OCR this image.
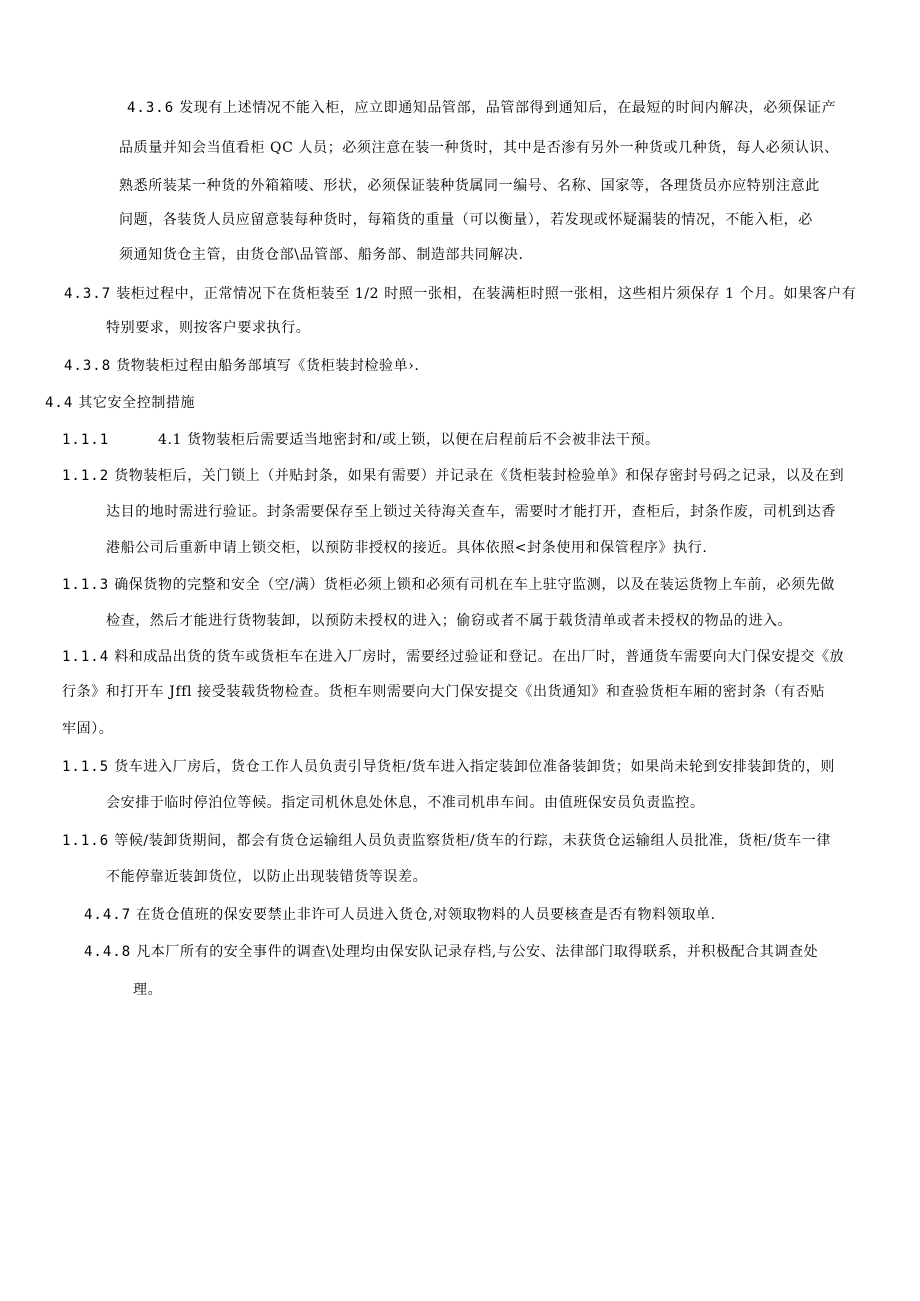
4.3.6 发现有上述情况不能入柜，应立即通知品管部，品管部得到通知后，在最短的时间内解决，必须保证产
品质量并知会当值看柜 QC 人员；必须注意在装一种货时，其中是否渗有另外一种货或几种货，每人必须认识、
熟悉所装某一种货的外箱箱唛、形状，必须保证装种货属同一编号、名称、国家等，各理货员亦应特别注意此
问题，各装货人员应留意装每种货时，每箱货的重量（可以衡量），若发现或怀疑漏装的情况，不能入柜，必
须通知货仓主管，由货仓部\品管部、船务部、制造部共同解决.
4.3.7 装柜过程中，正常情况下在货柜装至 1/2 时照一张相，在装满柜时照一张相，这些相片须保存 1 个月。如果客户有
特别要求，则按客户要求执行。
4.3.8 货物装柜过程由船务部填写《货柜装封检验单›.
4.4 其它安全控制措施
1.1.1	4.1 货物装柜后需要适当地密封和/或上锁，以便在启程前后不会被非法干预。
1.1.2 货物装柜后，关门锁上（并贴封条，如果有需要）并记录在《货柜装封检验单》和保存密封号码之记录，以及在到
达目的地时需进行验证。封条需要保存至上锁过关待海关查车，需要时才能打开，查柜后，封条作废，司机到达香
港船公司后重新申请上锁交柜，以预防非授权的接近。具体依照<封条使用和保管程序》执行.
1.1.3 确保货物的完整和安全（空/满）货柜必须上锁和必须有司机在车上驻守监测，以及在装运货物上车前，必须先做
检查，然后才能进行货物装卸，以预防未授权的进入；偷窃或者不属于载货清单或者未授权的物品的进入。
1.1.4 料和成品出货的货车或货柜车在进入厂房时，需要经过验证和登记。在出厂时，普通货车需要向大门保安提交《放
行条》和打开车 Jffl 接受装载货物检查。货柜车则需要向大门保安提交《出货通知》和查验货柜车厢的密封条（有否贴
牢固）。
1.1.5 货车进入厂房后，货仓工作人员负责引导货柜/货车进入指定装卸位准备装卸货；如果尚未轮到安排装卸货的，则
会安排于临时停泊位等候。指定司机休息处休息，不准司机串车间。由值班保安员负责监控。
1.1.6 等候/装卸货期间，都会有货仓运输组人员负责监察货柜/货车的行踪，未获货仓运输组人员批准，货柜/货车一律
不能停靠近装卸货位，以防止出现装错货等误差。
4.4.7 在货仓值班的保安要禁止非许可人员进入货仓,对领取物料的人员要核查是否有物料领取单.
4.4.8 凡本厂所有的安全事件的调查\处理均由保安队记录存档,与公安、法律部门取得联系，并积极配合其调查处
理。
